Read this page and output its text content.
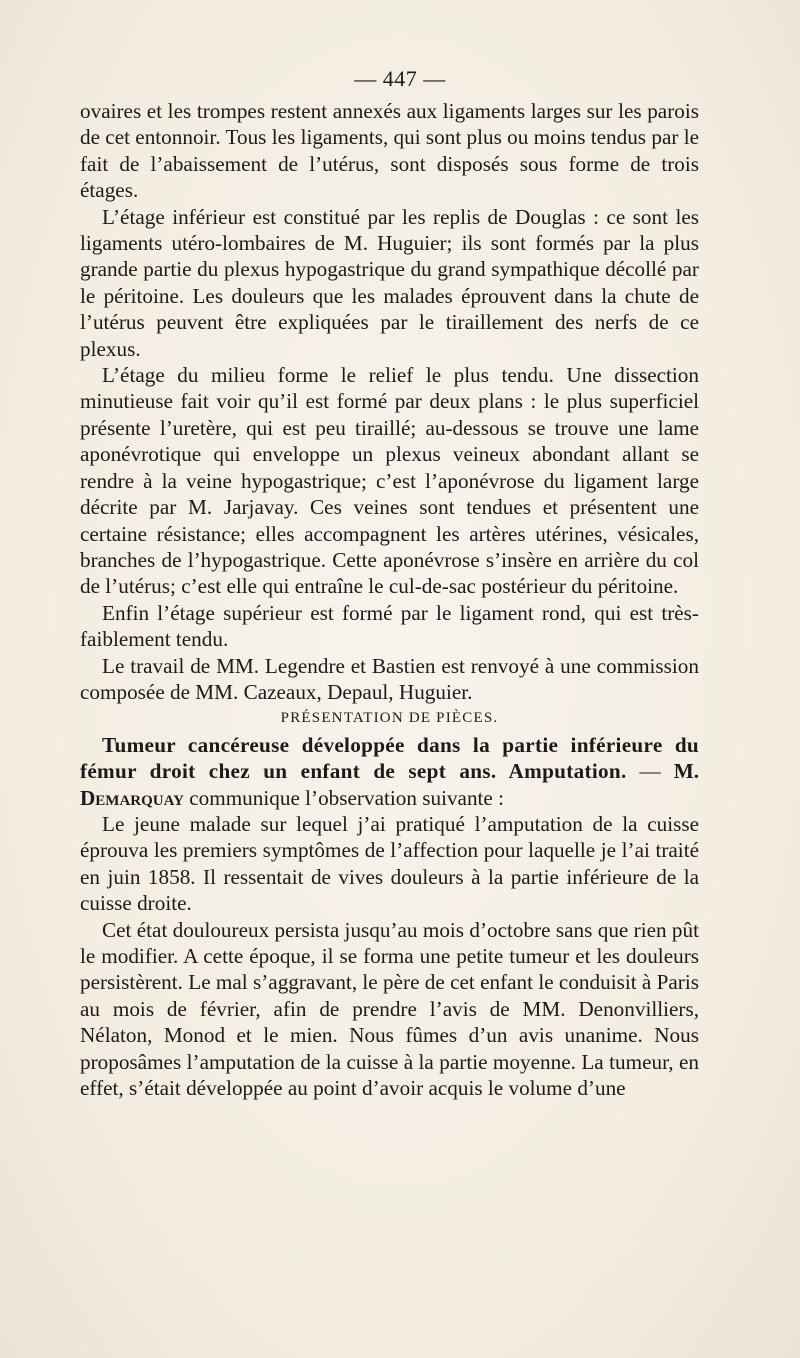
— 447 —

ovaires et les trompes restent annexés aux ligaments larges sur les parois de cet entonnoir. Tous les ligaments, qui sont plus ou moins tendus par le fait de l’abaissement de l’utérus, sont disposés sous forme de trois étages.

L’étage inférieur est constitué par les replis de Douglas : ce sont les ligaments utéro-lombaires de M. Huguier; ils sont formés par la plus grande partie du plexus hypogastrique du grand sympathique décollé par le péritoine. Les douleurs que les malades éprouvent dans la chute de l’utérus peuvent être expliquées par le tiraillement des nerfs de ce plexus.

L’étage du milieu forme le relief le plus tendu. Une dissection minutieuse fait voir qu’il est formé par deux plans : le plus superficiel présente l’uretère, qui est peu tiraillé; au-dessous se trouve une lame aponévrotique qui enveloppe un plexus veineux abondant allant se rendre à la veine hypogastrique; c’est l’aponévrose du ligament large décrite par M. Jarjavay. Ces veines sont tendues et présentent une certaine résistance; elles accompagnent les artères utérines, vésicales, branches de l’hypogastrique. Cette aponévrose s’insère en arrière du col de l’utérus; c’est elle qui entraîne le cul-de-sac postérieur du péritoine.

Enfin l’étage supérieur est formé par le ligament rond, qui est très-faiblement tendu.

Le travail de MM. Legendre et Bastien est renvoyé à une commission composée de MM. Cazeaux, Depaul, Huguier.

PRÉSENTATION DE PIÈCES.

Tumeur cancéreuse développée dans la partie inférieure du fémur droit chez un enfant de sept ans. Amputation. — M. Demarquay communique l’observation suivante :

Le jeune malade sur lequel j’ai pratiqué l’amputation de la cuisse éprouva les premiers symptômes de l’affection pour laquelle je l’ai traité en juin 1858. Il ressentait de vives douleurs à la partie inférieure de la cuisse droite.

Cet état douloureux persista jusqu’au mois d’octobre sans que rien pût le modifier. A cette époque, il se forma une petite tumeur et les douleurs persistèrent. Le mal s’aggravant, le père de cet enfant le conduisit à Paris au mois de février, afin de prendre l’avis de MM. Denonvilliers, Nélaton, Monod et le mien. Nous fûmes d’un avis unanime. Nous proposâmes l’amputation de la cuisse à la partie moyenne. La tumeur, en effet, s’était développée au point d’avoir acquis le volume d’une
